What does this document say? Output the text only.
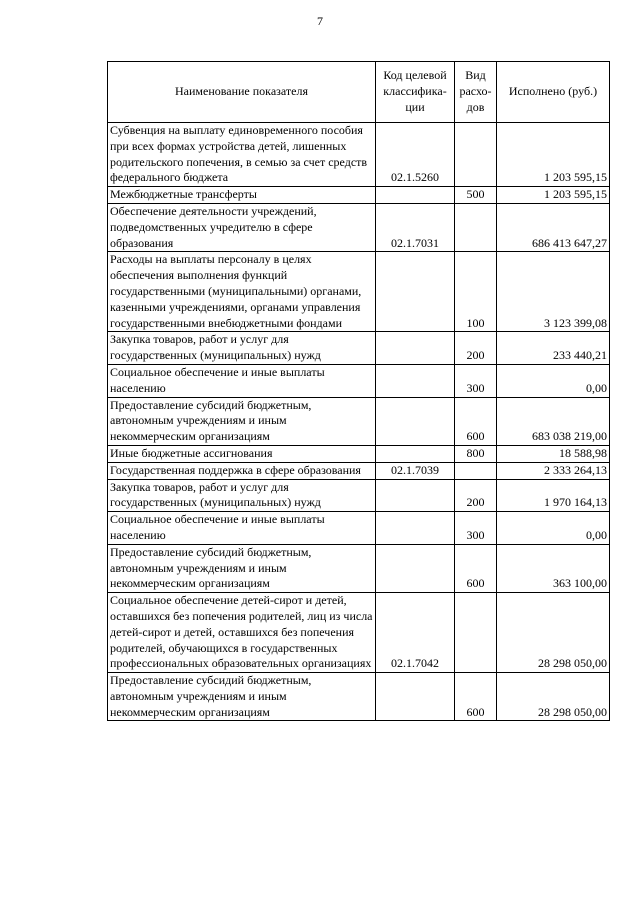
7
Наименование показателя	Код целевой классифика-ции	Вид расхо-дов	Исполнено (руб.)
Субвенция на выплату единовременного пособия при всех формах устройства детей, лишенных родительского попечения, в семью за счет средств федерального бюджета	02.1.5260		1 203 595,15
Межбюджетные трансферты		500	1 203 595,15
Обеспечение деятельности учреждений, подведомственных учредителю в сфере образования	02.1.7031		686 413 647,27
Расходы на выплаты персоналу в целях обеспечения выполнения функций государственными (муниципальными) органами, казенными учреждениями, органами управления государственными внебюджетными фондами		100	3 123 399,08
Закупка товаров, работ и услуг для государственных (муниципальных) нужд		200	233 440,21
Социальное обеспечение и иные выплаты населению		300	0,00
Предоставление субсидий бюджетным, автономным учреждениям и иным некоммерческим организациям		600	683 038 219,00
Иные бюджетные ассигнования		800	18 588,98
Государственная поддержка в сфере образования	02.1.7039		2 333 264,13
Закупка товаров, работ и услуг для государственных (муниципальных) нужд		200	1 970 164,13
Социальное обеспечение и иные выплаты населению		300	0,00
Предоставление субсидий бюджетным, автономным учреждениям и иным некоммерческим организациям		600	363 100,00
Социальное обеспечение детей-сирот и детей, оставшихся без попечения родителей, лиц из числа детей-сирот и детей, оставшихся без попечения родителей, обучающихся в государственных профессиональных образовательных организациях	02.1.7042		28 298 050,00
Предоставление субсидий бюджетным, автономным учреждениям и иным некоммерческим организациям		600	28 298 050,00
